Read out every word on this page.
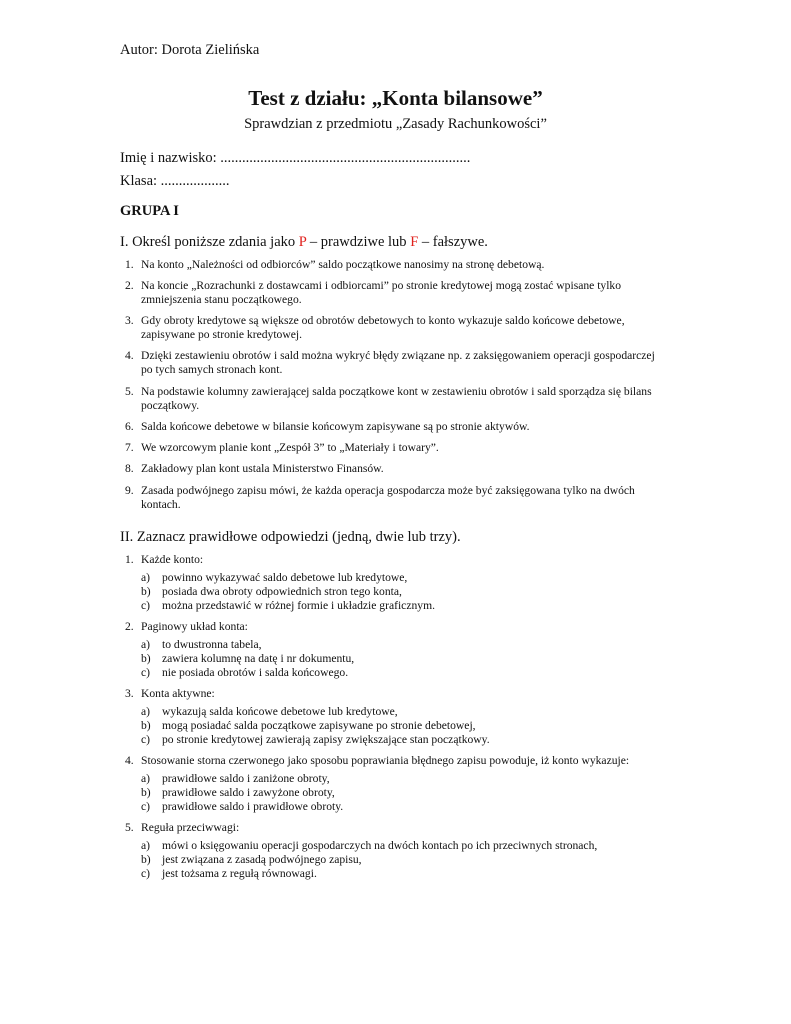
Autor: Dorota Zielińska
Test z działu: „Konta bilansowe”
Sprawdzian z przedmiotu „Zasady Rachunkowości”
Imię i nazwisko: .....................................................................
Klasa: ...................
GRUPA I
I. Określ poniższe zdania jako P – prawdziwe lub F – fałszywe.
1. Na konto „Należności od odbiorców” saldo początkowe nanosimy na stronę debetową.
2. Na koncie „Rozrachunki z dostawcami i odbiorcami” po stronie kredytowej mogą zostać wpisane tylko zmniejszenia stanu początkowego.
3. Gdy obroty kredytowe są większe od obrotów debetowych to konto wykazuje saldo końcowe debetowe, zapisywane po stronie kredytowej.
4. Dzięki zestawieniu obrotów i sald można wykryć błędy związane np. z zaksięgowaniem operacji gospodarczej po tych samych stronach kont.
5. Na podstawie kolumny zawierającej salda początkowe kont w zestawieniu obrotów i sald sporządza się bilans początkowy.
6. Salda końcowe debetowe w bilansie końcowym zapisywane są po stronie aktywów.
7. We wzorcowym planie kont „Zespół 3” to „Materiały i towary”.
8. Zakładowy plan kont ustala Ministerstwo Finansów.
9. Zasada podwójnego zapisu mówi, że każda operacja gospodarcza może być zaksięgowana tylko na dwóch kontach.
II. Zaznacz prawidłowe odpowiedzi (jedną, dwie lub trzy).
1. Każde konto:
a) powinno wykazywać saldo debetowe lub kredytowe,
b) posiada dwa obroty odpowiednich stron tego konta,
c) można przedstawić w różnej formie i układzie graficznym.
2. Paginowy układ konta:
a) to dwustronna tabela,
b) zawiera kolumnę na datę i nr dokumentu,
c) nie posiada obrotów i salda końcowego.
3. Konta aktywne:
a) wykazują salda końcowe debetowe lub kredytowe,
b) mogą posiadać salda początkowe zapisywane po stronie debetowej,
c) po stronie kredytowej zawierają zapisy zwiększające stan początkowy.
4. Stosowanie storna czerwonego jako sposobu poprawiania błędnego zapisu powoduje, iż konto wykazuje:
a) prawidłowe saldo i zaniżone obroty,
b) prawidłowe saldo i zawyżone obroty,
c) prawidłowe saldo i prawidłowe obroty.
5. Reguła przeciwwagi:
a) mówi o księgowaniu operacji gospodarczych na dwóch kontach po ich przeciwnych stronach,
b) jest związana z zasadą podwójnego zapisu,
c) jest tożsama z regułą równowagi.
